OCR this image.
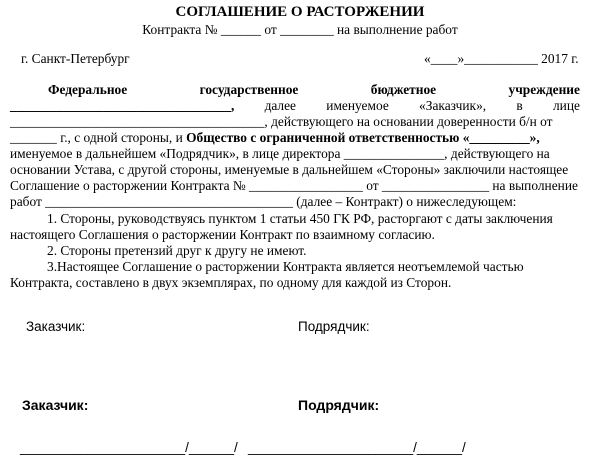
СОГЛАШЕНИЕ О РАСТОРЖЕНИИ
Контракта № ______ от ________ на выполнение работ
г. Санкт-Петербург	«____»___________ 2017 г.
Федеральное	государственное	бюджетное	учреждение
_________________________________, далее именуемое «Заказчик», в лице
______________________________________, действующего на основании доверенности б/н от
_______ г., с одной стороны, и Общество с ограниченной ответственностью «_________»,
именуемое в дальнейшем «Подрядчик», в лице директора _______________, действующего на
основании Устава, с другой стороны, именуемые в дальнейшем «Стороны» заключили настоящее
Соглашение о расторжении Контракта № _________________ от ________________ на выполнение
работ _____________________________________ (далее – Контракт) о нижеследующем:
1. Стороны, руководствуясь пунктом 1 статьи 450 ГК РФ, расторгают с даты заключения
настоящего Соглашения о расторжении Контракт по взаимному согласию.
2. Стороны претензий друг к другу не имеют.
3.Настоящее Соглашение о расторжении Контракта является неотъемлемой частью
Контракта, составлено в двух экземплярах, по одному для каждой из Сторон.
Заказчик:	Подрядчик:
Заказчик:	Подрядчик:
______________________/______/ ______________________/______/
